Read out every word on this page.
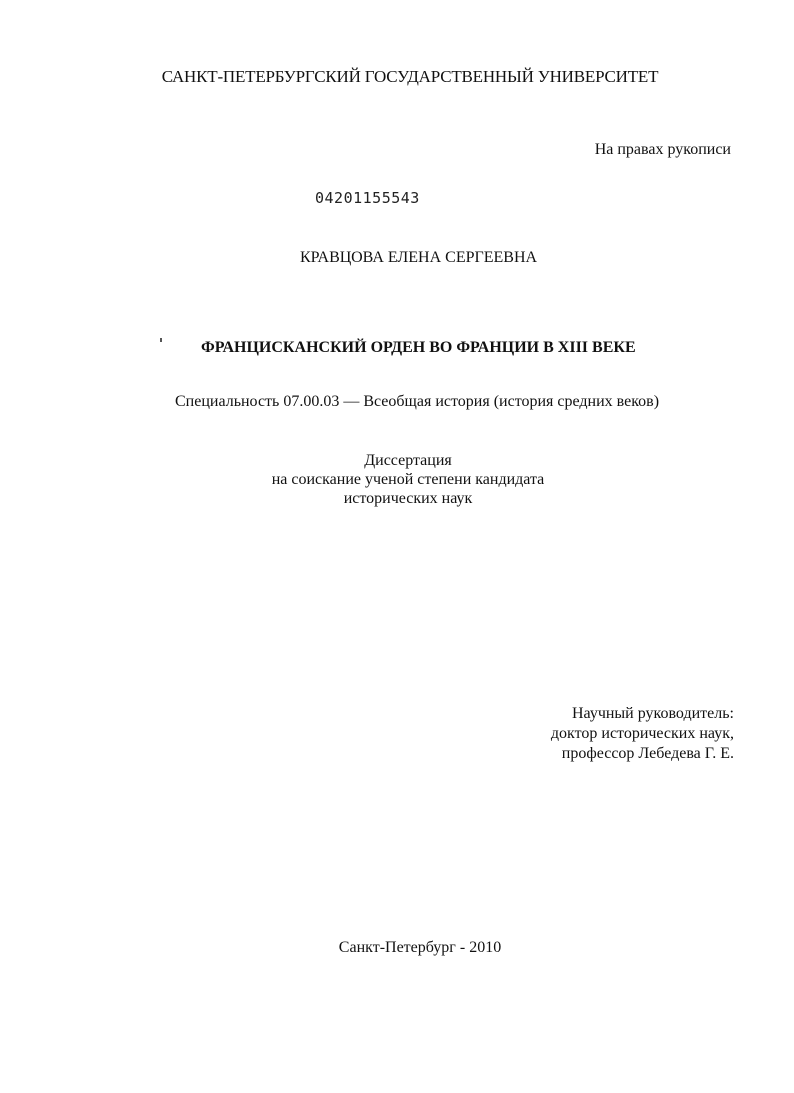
САНКТ-ПЕТЕРБУРГСКИЙ ГОСУДАРСТВЕННЫЙ УНИВЕРСИТЕТ
На правах рукописи
04201155543
КРАВЦОВА ЕЛЕНА СЕРГЕЕВНА
ФРАНЦИСКАНСКИЙ ОРДЕН ВО ФРАНЦИИ В XIII ВЕКЕ
Специальность 07.00.03 — Всеобщая история (история средних веков)
Диссертация
на соискание ученой степени кандидата
исторических наук
Научный руководитель:
доктор исторических наук,
профессор Лебедева Г. Е.
Санкт-Петербург - 2010
